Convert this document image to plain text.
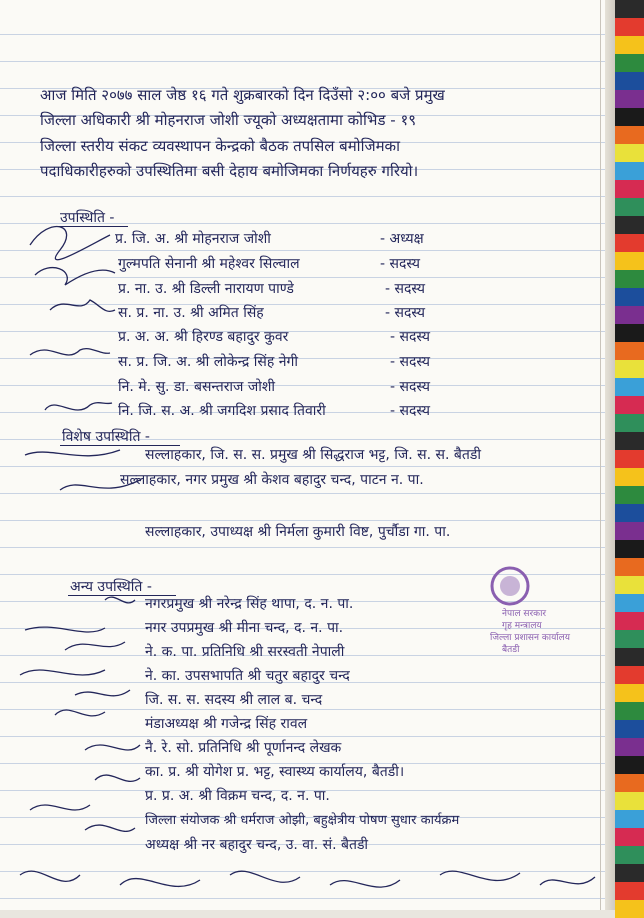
आज मिति २०७७ साल जेष्ठ १६ गते शुक्रबारको दिन दिउँसो २:०० बजे प्रमुख
जिल्ला अधिकारी श्री मोहनराज जोशी ज्यूको अध्यक्षतामा कोभिड - १९
जिल्ला स्तरीय संकट व्यवस्थापन केन्द्रको बैठक तपसिल बमोजिमका
पदाधिकारीहरुको उपस्थितिमा बसी देहाय बमोजिमका निर्णयहरु गरियो।
उपस्थिति -
प्र. जि. अ. श्री मोहनराज जोशी	- अध्यक्ष
गुल्मपति सेनानी श्री महेश्वर सिल्वाल	- सदस्य
प्र. ना. उ. श्री डिल्ली नारायण पाण्डे	- सदस्य
स. प्र. ना. उ. श्री अमित सिंह	- सदस्य
प्र. अ. अ. श्री हिरण्ड बहादुर कुवर	- सदस्य
स. प्र. जि. अ. श्री लोकेन्द्र सिंह नेगी	- सदस्य
नि. मे. सु. डा. बसन्तराज जोशी	- सदस्य
नि. जि. स. अ. श्री जगदिश प्रसाद तिवारी	- सदस्य
विशेष उपस्थिति -
सल्लाहकार, जि. स. स. प्रमुख श्री सिद्धराज भट्ट, जि. स. स. बैतडी
सल्लाहकार, नगर प्रमुख श्री केशव बहादुर चन्द, पाटन न. पा.
सल्लाहकार, उपाध्यक्ष श्री निर्मला कुमारी विष्ट, पुर्चौडा गा. पा.
अन्य उपस्थिति -
नगरप्रमुख श्री नरेन्द्र सिंह थापा, द. न. पा.
नगर उपप्रमुख श्री मीना चन्द, द. न. पा.
ने. क. पा. प्रतिनिधि श्री सरस्वती नेपाली
ने. का. उपसभापति श्री चतुर बहादुर चन्द
जि. स. स. सदस्य श्री लाल ब. चन्द
मंडाअध्यक्ष श्री गजेन्द्र सिंह रावल
नै. रे. सो. प्रतिनिधि श्री पूर्णानन्द लेखक
का. प्र. श्री योगेश प्र. भट्ट, स्वास्थ्य कार्यालय, बैतडी।
प्र. प्र. अ. श्री विक्रम चन्द, द. न. पा.
जिल्ला संयोजक श्री धर्मराज ओझी, बहुक्षेत्रीय पोषण सुधार कार्यक्रम
अध्यक्ष श्री नर बहादुर चन्द, उ. वा. सं. बैतडी
नेपाल सरकार
गृह मन्त्रालय
जिल्ला प्रशासन कार्यालय
बैतडी
